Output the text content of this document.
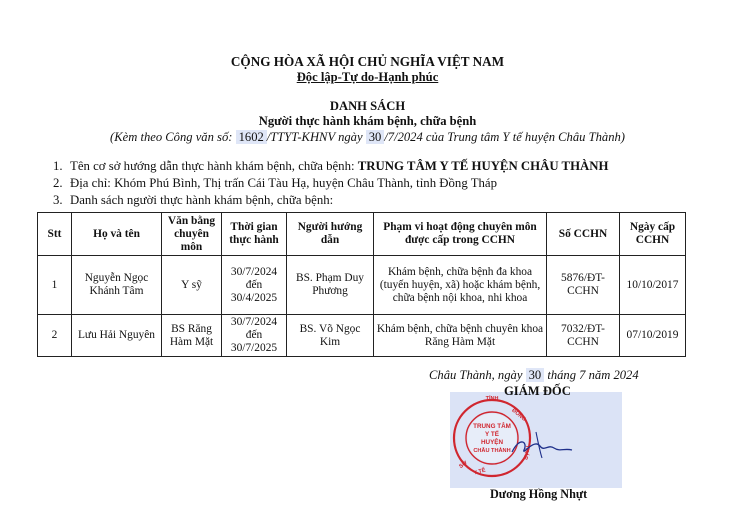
CỘNG HÒA XÃ HỘI CHỦ NGHĨA VIỆT NAM
Độc lập-Tự do-Hạnh phúc
DANH SÁCH
Người thực hành khám bệnh, chữa bệnh
(Kèm theo Công văn số: 1602 /TTYT-KHNV ngày 30 /7/2024 của Trung tâm Y tế huyện Châu Thành)
1. Tên cơ sở hướng dẫn thực hành khám bệnh, chữa bệnh: TRUNG TÂM Y TẾ HUYỆN CHÂU THÀNH
2. Địa chỉ: Khóm Phú Bình, Thị trấn Cái Tàu Hạ, huyện Châu Thành, tỉnh Đồng Tháp
3. Danh sách người thực hành khám bệnh, chữa bệnh:
Stt	Họ và tên	Văn bằng chuyên môn	Thời gian thực hành	Người hướng dẫn	Phạm vi hoạt động chuyên môn được cấp trong CCHN	Số CCHN	Ngày cấp CCHN
1	Nguyễn Ngọc Khánh Tâm	Y sỹ	30/7/2024 đến 30/4/2025	BS. Phạm Duy Phương	Khám bệnh, chữa bệnh đa khoa (tuyến huyện, xã) hoặc khám bệnh, chữa bệnh nội khoa, nhi khoa	5876/ĐT-CCHN	10/10/2017
2	Lưu Hải Nguyên	BS Răng Hàm Mặt	30/7/2024 đến 30/7/2025	BS. Võ Ngọc Kim	Khám bệnh, chữa bệnh chuyên khoa Răng Hàm Mặt	7032/ĐT-CCHN	07/10/2019
Châu Thành, ngày 30 tháng 7 năm 2024
TỈNH
ĐỒNG
THÁP
SỞ
Y TẾ
TRUNG TÂM
Y TẾ
HUYỆN
CHÂU THÀNH
GIÁM ĐỐC
Dương Hồng Nhựt
